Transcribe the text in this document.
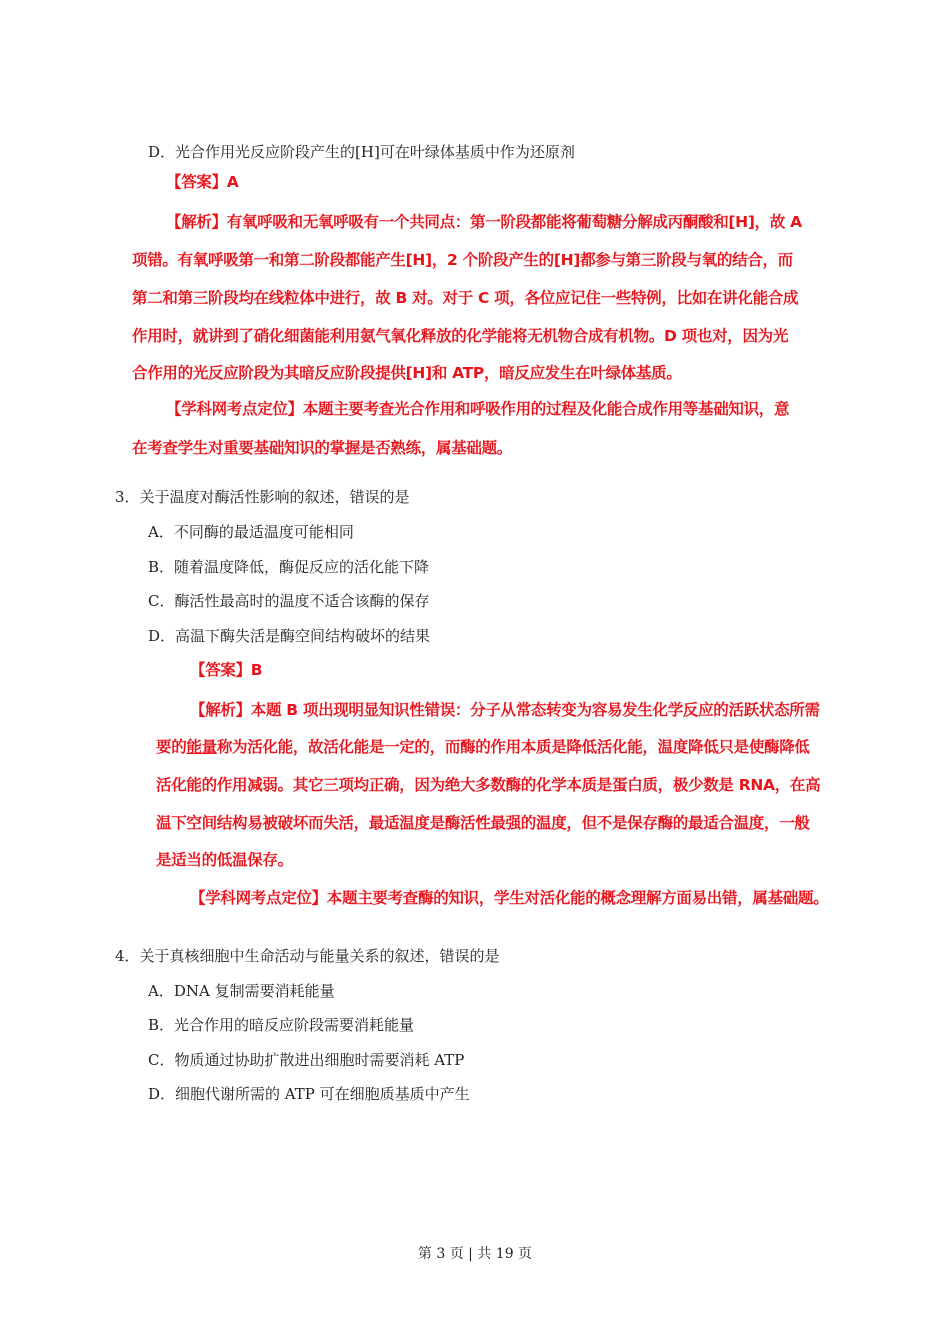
D．光合作用光反应阶段产生的[H]可在叶绿体基质中作为还原剂
【答案】A
【解析】有氧呼吸和无氧呼吸有一个共同点：第一阶段都能将葡萄糖分解成丙酮酸和[H]，故 A
项错。有氧呼吸第一和第二阶段都能产生[H]，2 个阶段产生的[H]都参与第三阶段与氧的结合，而
第二和第三阶段均在线粒体中进行，故 B 对。对于 C 项，各位应记住一些特例，比如在讲化能合成
作用时，就讲到了硝化细菌能利用氨气氧化释放的化学能将无机物合成有机物。D 项也对，因为光
合作用的光反应阶段为其暗反应阶段提供[H]和 ATP，暗反应发生在叶绿体基质。
【学科网考点定位】本题主要考查光合作用和呼吸作用的过程及化能合成作用等基础知识，意
在考查学生对重要基础知识的掌握是否熟练，属基础题。
3．关于温度对酶活性影响的叙述，错误的是
A．不同酶的最适温度可能相同
B．随着温度降低，酶促反应的活化能下降
C．酶活性最高时的温度不适合该酶的保存
D．高温下酶失活是酶空间结构破坏的结果
【答案】B
【解析】本题 B 项出现明显知识性错误：分子从常态转变为容易发生化学反应的活跃状态所需
要的能量称为活化能，故活化能是一定的，而酶的作用本质是降低活化能，温度降低只是使酶降低
活化能的作用减弱。其它三项均正确，因为绝大多数酶的化学本质是蛋白质，极少数是 RNA，在高
温下空间结构易被破坏而失活，最适温度是酶活性最强的温度，但不是保存酶的最适合温度，一般
是适当的低温保存。
【学科网考点定位】本题主要考查酶的知识，学生对活化能的概念理解方面易出错，属基础题。
4．关于真核细胞中生命活动与能量关系的叙述，错误的是
A．DNA 复制需要消耗能量
B．光合作用的暗反应阶段需要消耗能量
C．物质通过协助扩散进出细胞时需要消耗 ATP
D．细胞代谢所需的 ATP 可在细胞质基质中产生
第 3 页 | 共 19 页
